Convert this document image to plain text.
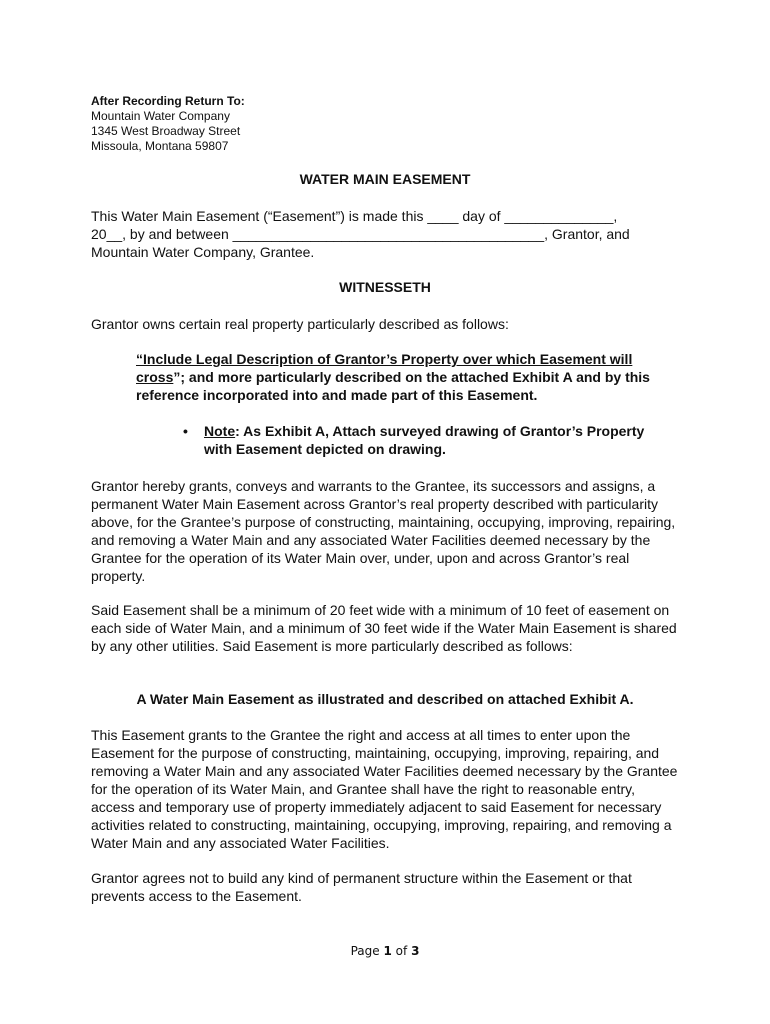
After Recording Return To:
Mountain Water Company
1345 West Broadway Street
Missoula, Montana 59807
WATER MAIN EASEMENT
This Water Main Easement (“Easement”) is made this ____ day of ______________,
20__, by and between ________________________________________, Grantor, and
Mountain Water Company, Grantee.
WITNESSETH
Grantor owns certain real property particularly described as follows:
“Include Legal Description of Grantor’s Property over which Easement will cross”; and more particularly described on the attached Exhibit A and by this reference incorporated into and made part of this Easement.
• Note: As Exhibit A, Attach surveyed drawing of Grantor’s Property with Easement depicted on drawing.
Grantor hereby grants, conveys and warrants to the Grantee, its successors and assigns, a permanent Water Main Easement across Grantor’s real property described with particularity above, for the Grantee’s purpose of constructing, maintaining, occupying, improving, repairing, and removing a Water Main and any associated Water Facilities deemed necessary by the Grantee for the operation of its Water Main over, under, upon and across Grantor’s real property.
Said Easement shall be a minimum of 20 feet wide with a minimum of 10 feet of easement on each side of Water Main, and a minimum of 30 feet wide if the Water Main Easement is shared by any other utilities. Said Easement is more particularly described as follows:
A Water Main Easement as illustrated and described on attached Exhibit A.
This Easement grants to the Grantee the right and access at all times to enter upon the Easement for the purpose of constructing, maintaining, occupying, improving, repairing, and removing a Water Main and any associated Water Facilities deemed necessary by the Grantee for the operation of its Water Main, and Grantee shall have the right to reasonable entry, access and temporary use of property immediately adjacent to said Easement for necessary activities related to constructing, maintaining, occupying, improving, repairing, and removing a Water Main and any associated Water Facilities.
Grantor agrees not to build any kind of permanent structure within the Easement or that prevents access to the Easement.
Page 1 of 3
